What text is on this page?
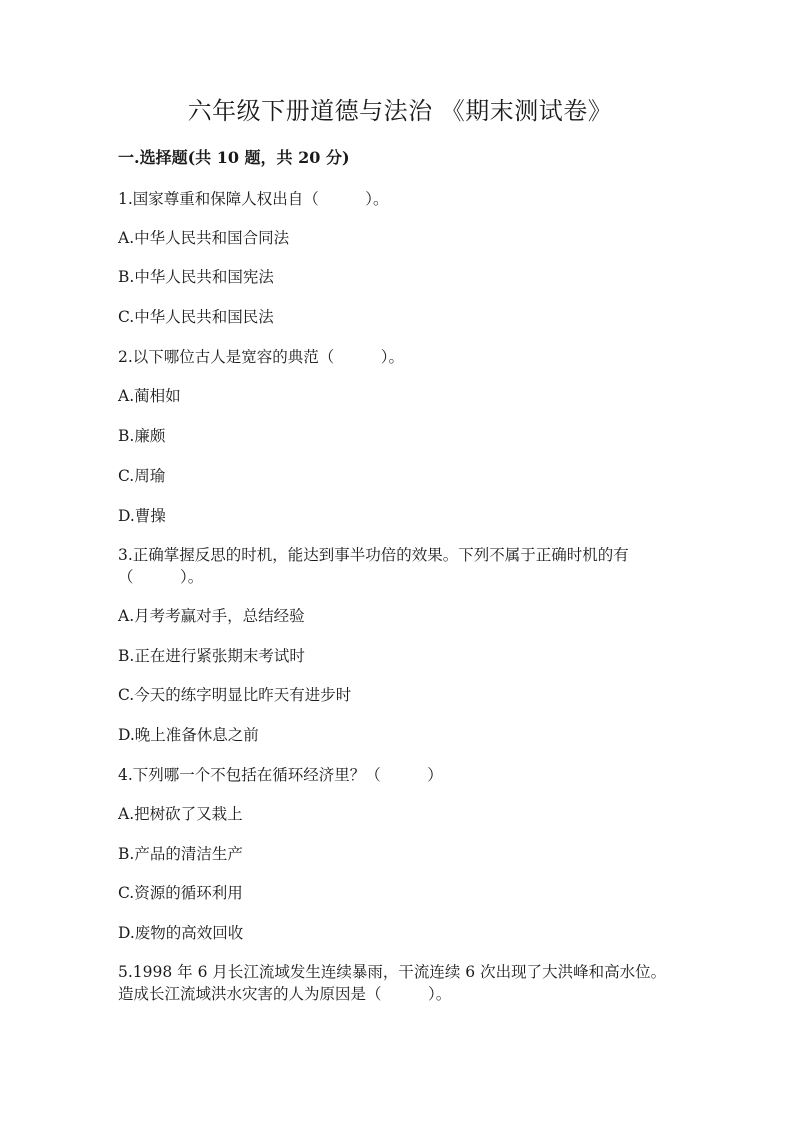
六年级下册道德与法治 《期末测试卷》
一.选择题(共 10 题，共 20 分)
1.国家尊重和保障人权出自（　　　）。
A.中华人民共和国合同法
B.中华人民共和国宪法
C.中华人民共和国民法
2.以下哪位古人是宽容的典范（　　　）。
A.蔺相如
B.廉颇
C.周瑜
D.曹操
3.正确掌握反思的时机，能达到事半功倍的效果。下列不属于正确时机的有
（　　　）。
A.月考考赢对手，总结经验
B.正在进行紧张期末考试时
C.今天的练字明显比昨天有进步时
D.晚上准备休息之前
4.下列哪一个不包括在循环经济里？（　　　）
A.把树砍了又栽上
B.产品的清洁生产
C.资源的循环利用
D.废物的高效回收
5.1998 年 6 月长江流域发生连续暴雨，干流连续 6 次出现了大洪峰和高水位。
造成长江流域洪水灾害的人为原因是（　　　）。
